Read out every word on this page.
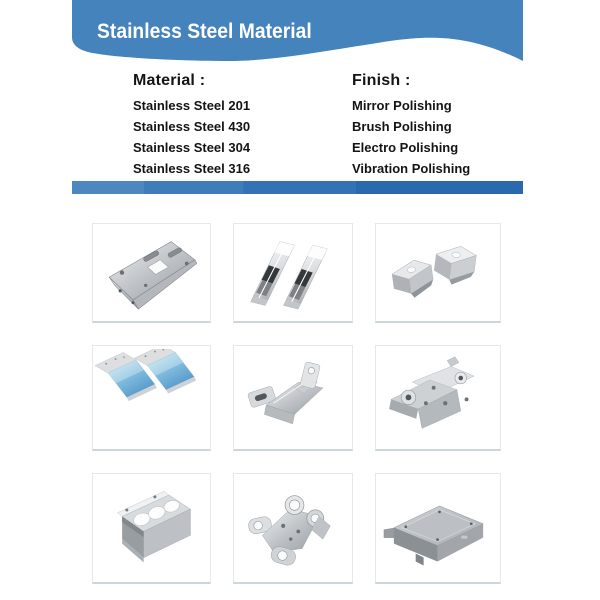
Stainless Steel Material
Material :
Stainless Steel 201
Stainless Steel 430
Stainless Steel 304
Stainless Steel 316
Finish :
Mirror Polishing
Brush Polishing
Electro Polishing
Vibration Polishing
